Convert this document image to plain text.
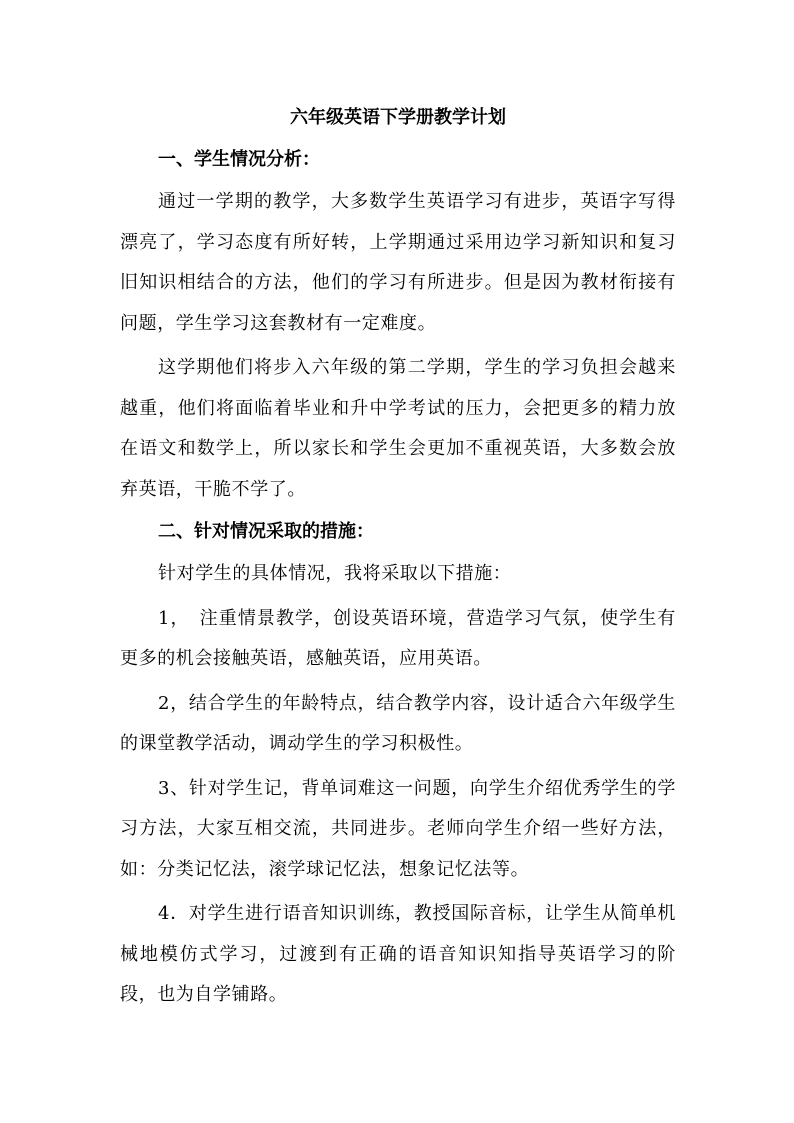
六年级英语下学册教学计划
一、学生情况分析：

通过一学期的教学，大多数学生英语学习有进步，英语字写得漂亮了，学习态度有所好转，上学期通过采用边学习新知识和复习旧知识相结合的方法，他们的学习有所进步。但是因为教材衔接有问题，学生学习这套教材有一定难度。

这学期他们将步入六年级的第二学期，学生的学习负担会越来越重，他们将面临着毕业和升中学考试的压力，会把更多的精力放在语文和数学上，所以家长和学生会更加不重视英语，大多数会放弃英语，干脆不学了。

二、针对情况采取的措施：

针对学生的具体情况，我将采取以下措施：

1，　注重情景教学，创设英语环境，营造学习气氛，使学生有更多的机会接触英语，感触英语，应用英语。

2，结合学生的年龄特点，结合教学内容，设计适合六年级学生的课堂教学活动，调动学生的学习积极性。

3、针对学生记，背单词难这一问题，向学生介绍优秀学生的学习方法，大家互相交流，共同进步。老师向学生介绍一些好方法，如：分类记忆法，滚学球记忆法，想象记忆法等。

4．对学生进行语音知识训练，教授国际音标，让学生从简单机械地模仿式学习，过渡到有正确的语音知识知指导英语学习的阶段，也为自学铺路。
